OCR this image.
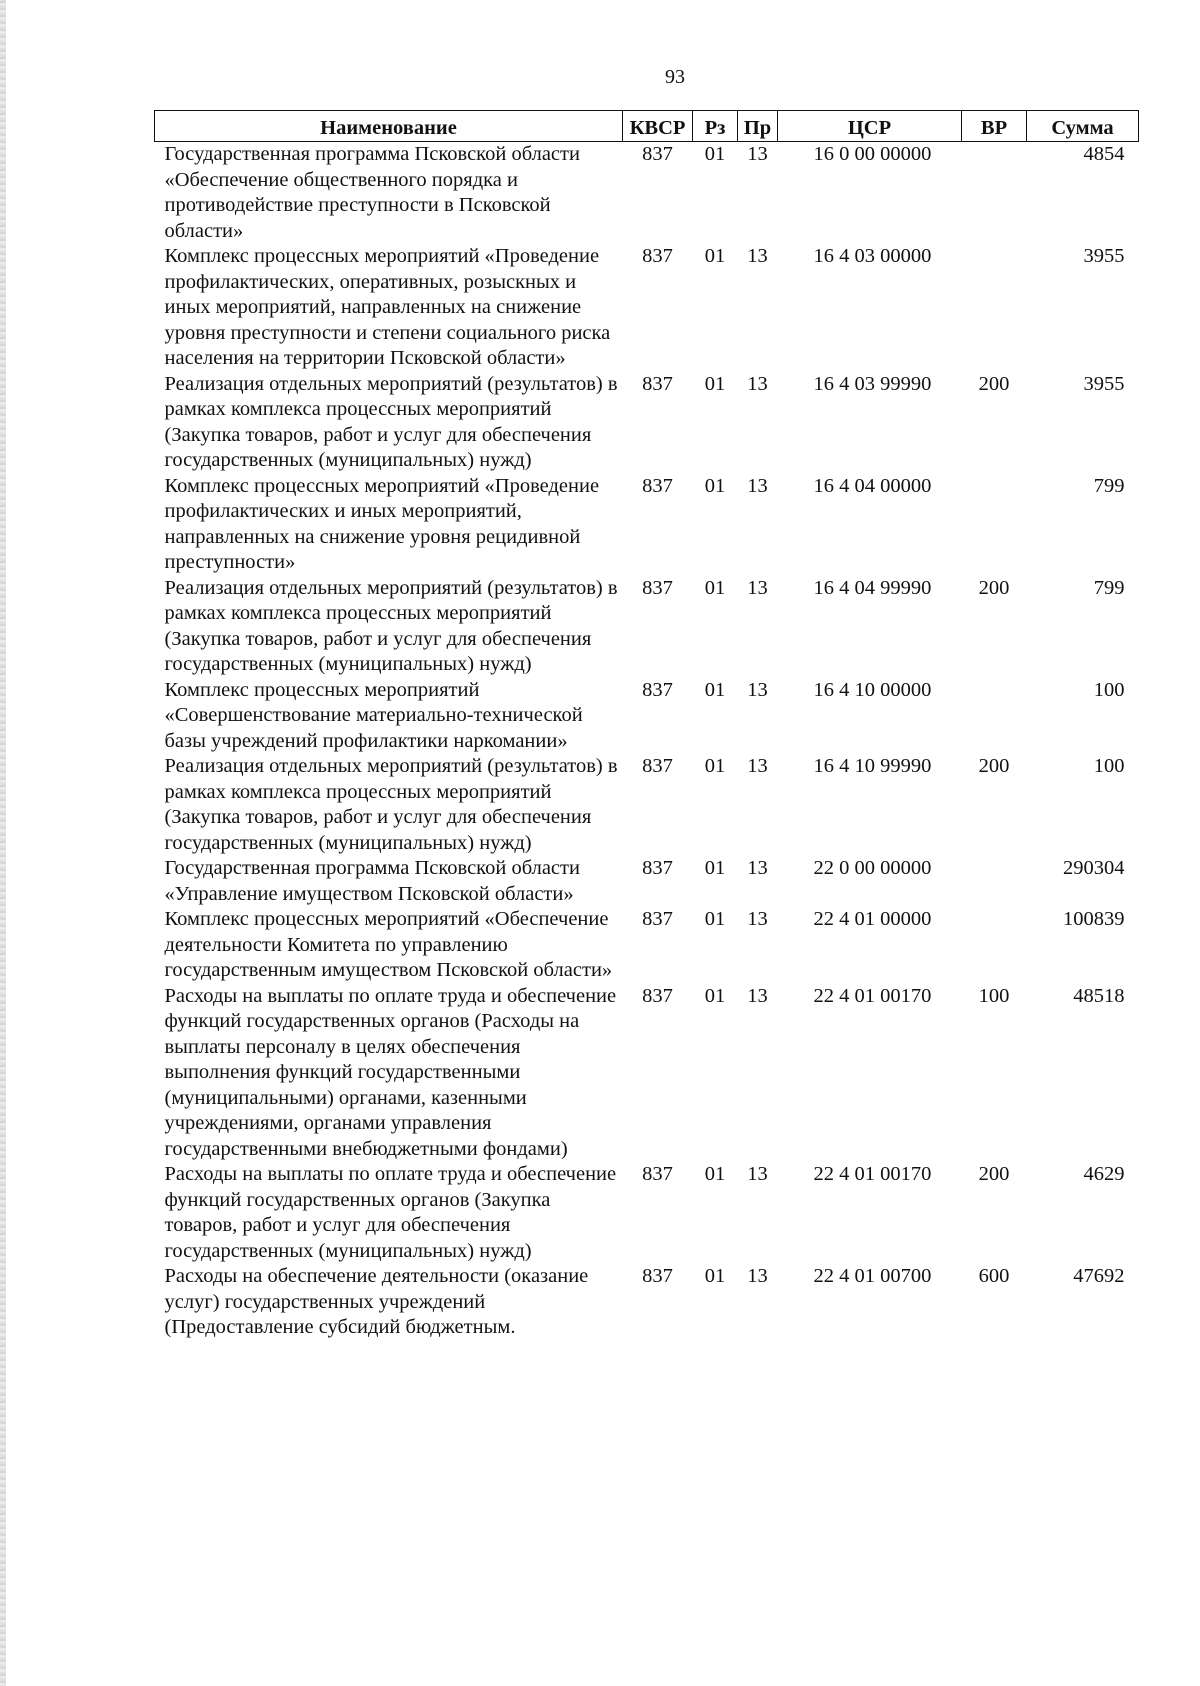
93
Наименование	КВСР	Рз	Пр	ЦСР	ВР	Сумма
Государственная программа Псковской области «Обеспечение общественного порядка и противодействие преступности в Псковской области»	837	01	13	16 0 00 00000		4854
Комплекс процессных мероприятий «Проведение профилактических, оперативных, розыскных и иных мероприятий, направленных на снижение уровня преступности и степени социального риска населения на территории Псковской области»	837	01	13	16 4 03 00000		3955
Реализация отдельных мероприятий (результатов) в рамках комплекса процессных мероприятий (Закупка товаров, работ и услуг для обеспечения государственных (муниципальных) нужд)	837	01	13	16 4 03 99990	200	3955
Комплекс процессных мероприятий «Проведение профилактических и иных мероприятий, направленных на снижение уровня рецидивной преступности»	837	01	13	16 4 04 00000		799
Реализация отдельных мероприятий (результатов) в рамках комплекса процессных мероприятий (Закупка товаров, работ и услуг для обеспечения государственных (муниципальных) нужд)	837	01	13	16 4 04 99990	200	799
Комплекс процессных мероприятий «Совершенствование материально-технической базы учреждений профилактики наркомании»	837	01	13	16 4 10 00000		100
Реализация отдельных мероприятий (результатов) в рамках комплекса процессных мероприятий (Закупка товаров, работ и услуг для обеспечения государственных (муниципальных) нужд)	837	01	13	16 4 10 99990	200	100
Государственная программа Псковской области «Управление имуществом Псковской области»	837	01	13	22 0 00 00000		290304
Комплекс процессных мероприятий «Обеспечение деятельности Комитета по управлению государственным имуществом Псковской области»	837	01	13	22 4 01 00000		100839
Расходы на выплаты по оплате труда и обеспечение функций государственных органов (Расходы на выплаты персоналу в целях обеспечения выполнения функций государственными (муниципальными) органами, казенными учреждениями, органами управления государственными внебюджетными фондами)	837	01	13	22 4 01 00170	100	48518
Расходы на выплаты по оплате труда и обеспечение функций государственных органов (Закупка товаров, работ и услуг для обеспечения государственных (муниципальных) нужд)	837	01	13	22 4 01 00170	200	4629
Расходы на обеспечение деятельности (оказание услуг) государственных учреждений (Предоставление субсидий бюджетным.	837	01	13	22 4 01 00700	600	47692
